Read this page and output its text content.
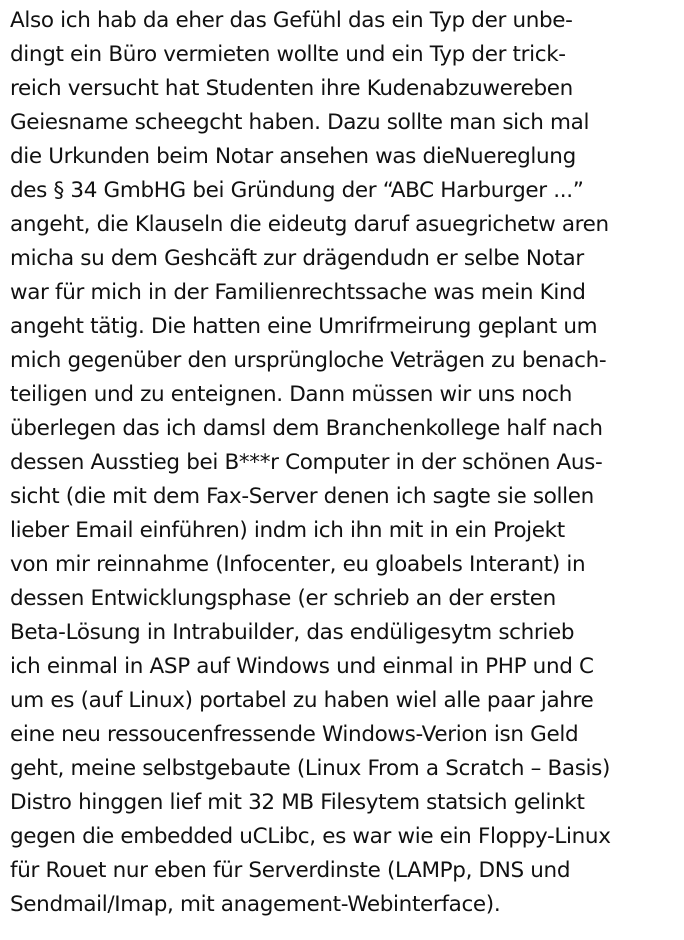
Also ich hab da eher das Gefühl das ein Typ der unbe-
dingt ein Büro vermieten wollte und ein Typ der trick-
reich versucht hat Studenten ihre Kudenabzuwereben
Geiesname scheegcht haben. Dazu sollte man sich mal
die Urkunden beim Notar ansehen was dieNuereglung
des § 34 GmbHG bei Gründung der “ABC Harburger ...”
angeht, die Klauseln die eideutg daruf asuegrichetw aren
micha su dem Geshcäft zur drägendudn er selbe Notar
war für mich in der Familienrechtssache was mein Kind
angeht tätig. Die hatten eine Umrifrmeirung geplant um
mich gegenüber den ursprüngloche Veträgen zu benach-
teiligen und zu enteignen. Dann müssen wir uns noch
überlegen das ich damsl dem Branchenkollege half nach
dessen Ausstieg bei B***r Computer in der schönen Aus-
sicht (die mit dem Fax-Server denen ich sagte sie sollen
lieber Email einführen) indm ich ihn mit in ein Projekt
von mir reinnahme (Infocenter, eu gloabels Interant) in
dessen Entwicklungsphase (er schrieb an der ersten
Beta-Lösung in Intrabuilder, das endüligesytm schrieb
ich einmal in ASP auf Windows und einmal in PHP und C
um es (auf Linux) portabel zu haben wiel alle paar jahre
eine neu ressoucenfressende Windows-Verion isn Geld
geht, meine selbstgebaute (Linux From a Scratch – Basis)
Distro hinggen lief mit 32 MB Filesytem statsich gelinkt
gegen die embedded uCLibc, es war wie ein Floppy-Linux
für Rouet nur eben für Serverdinste (LAMPp, DNS und
Sendmail/Imap, mit anagement-Webinterface).
